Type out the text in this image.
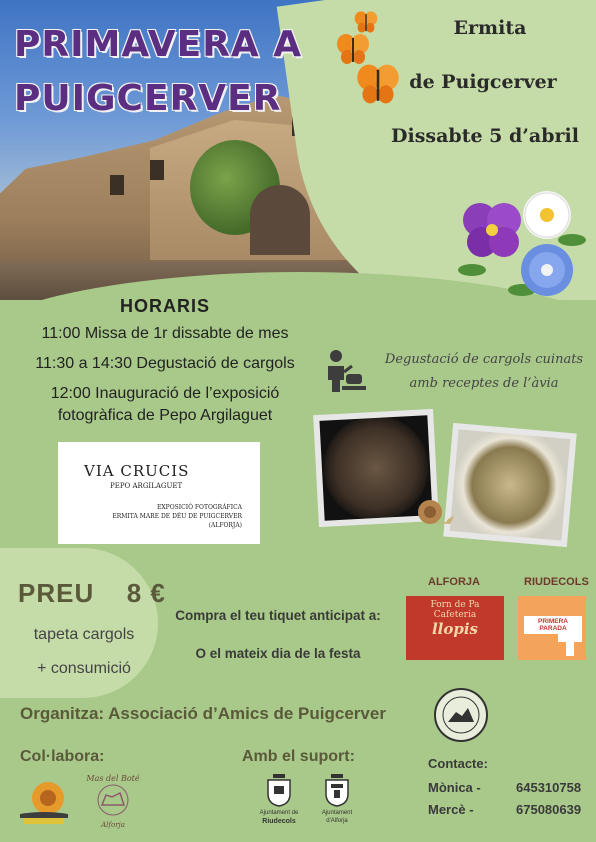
PRIMAVERA A
PUIGCERVER
Ermita
de Puigcerver
Dissabte 5 d’abril
HORARIS

11:00 Missa de 1r dissabte de mes

11:30 a 14:30 Degustació de cargols

12:00 Inauguració de l’exposició

fotogràfica de Pepo Argilaguet

Degustació de cargols cuinats
amb receptes de l’àvia
VIA CRUCIS
PEPO ARGILAGUET
EXPOSICIÓ FOTOGRÀFICA
ERMITA MARE DE DÉU DE PUIGCERVER
(ALFORJA)
PREU 8 €
tapeta cargols
+ consumició
Compra el teu tiquet anticipat a:
O el mateix dia de la festa
ALFORJA	RIUDECOLS
Forn de Pa
Cafeteria
llopis	PRIMERA PARADA
Organitza: Associació d’Amics de Puigcerver
Col·labora:	Amb el suport:	Contacte:
Mònica -	645310758
Mercè -	675080639
Mas del Boté
Alforja
Ajuntament de
Riudecols
Ajuntament
d'Alforja
